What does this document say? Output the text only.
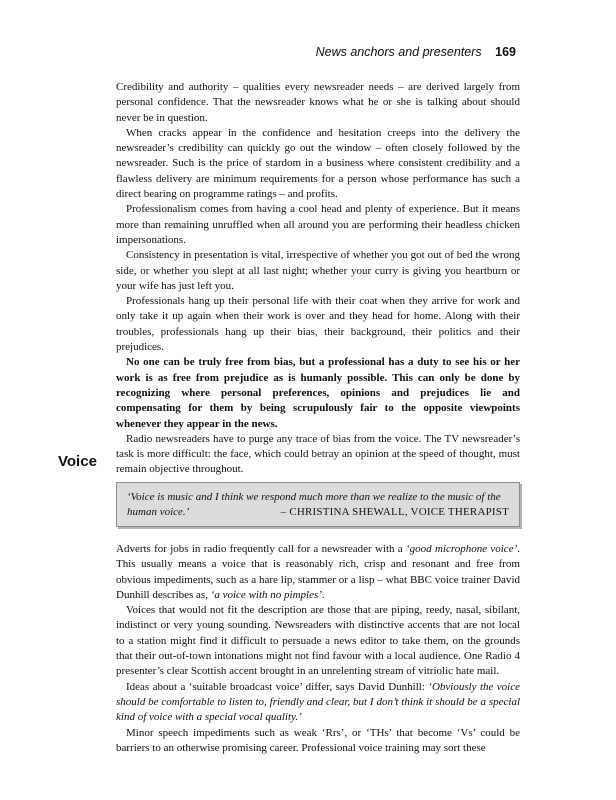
News anchors and presenters 169

Credibility and authority – qualities every newsreader needs – are derived largely from personal confidence. That the newsreader knows what he or she is talking about should never be in question.

When cracks appear in the confidence and hesitation creeps into the delivery the newsreader’s credibility can quickly go out the window – often closely followed by the newsreader. Such is the price of stardom in a business where consistent credibility and a flawless delivery are minimum requirements for a person whose performance has such a direct bearing on programme ratings – and profits.

Professionalism comes from having a cool head and plenty of experience. But it means more than remaining unruffled when all around you are performing their headless chicken impersonations.

Consistency in presentation is vital, irrespective of whether you got out of bed the wrong side, or whether you slept at all last night; whether your curry is giving you heartburn or your wife has just left you.

Professionals hang up their personal life with their coat when they arrive for work and only take it up again when their work is over and they head for home. Along with their troubles, professionals hang up their bias, their background, their politics and their prejudices.

No one can be truly free from bias, but a professional has a duty to see his or her work is as free from prejudice as is humanly possible. This can only be done by recognizing where personal preferences, opinions and prejudices lie and compensating for them by being scrupulously fair to the opposite viewpoints whenever they appear in the news.

Radio newsreaders have to purge any trace of bias from the voice. The TV newsreader’s task is more difficult: the face, which could betray an opinion at the speed of thought, must remain objective throughout.

Voice
‘Voice is music and I think we respond much more than we realize to the music of the
human voice.’	– CHRISTINA SHEWALL, VOICE THERAPIST

Adverts for jobs in radio frequently call for a newsreader with a ‘good microphone voice’. This usually means a voice that is reasonably rich, crisp and resonant and free from obvious impediments, such as a hare lip, stammer or a lisp – what BBC voice trainer David Dunhill describes as, ‘a voice with no pimples’.

Voices that would not fit the description are those that are piping, reedy, nasal, sibilant, indistinct or very young sounding. Newsreaders with distinctive accents that are not local to a station might find it difficult to persuade a news editor to take them, on the grounds that their out-of-town intonations might not find favour with a local audience. One Radio 4 presenter’s clear Scottish accent brought in an unrelenting stream of vitriolic hate mail.

Ideas about a ‘suitable broadcast voice’ differ, says David Dunhill: ‘Obviously the voice should be comfortable to listen to, friendly and clear, but I don’t think it should be a special kind of voice with a special vocal quality.’

Minor speech impediments such as weak ‘Rrs’, or ‘THs’ that become ‘Vs’ could be barriers to an otherwise promising career. Professional voice training may sort these
